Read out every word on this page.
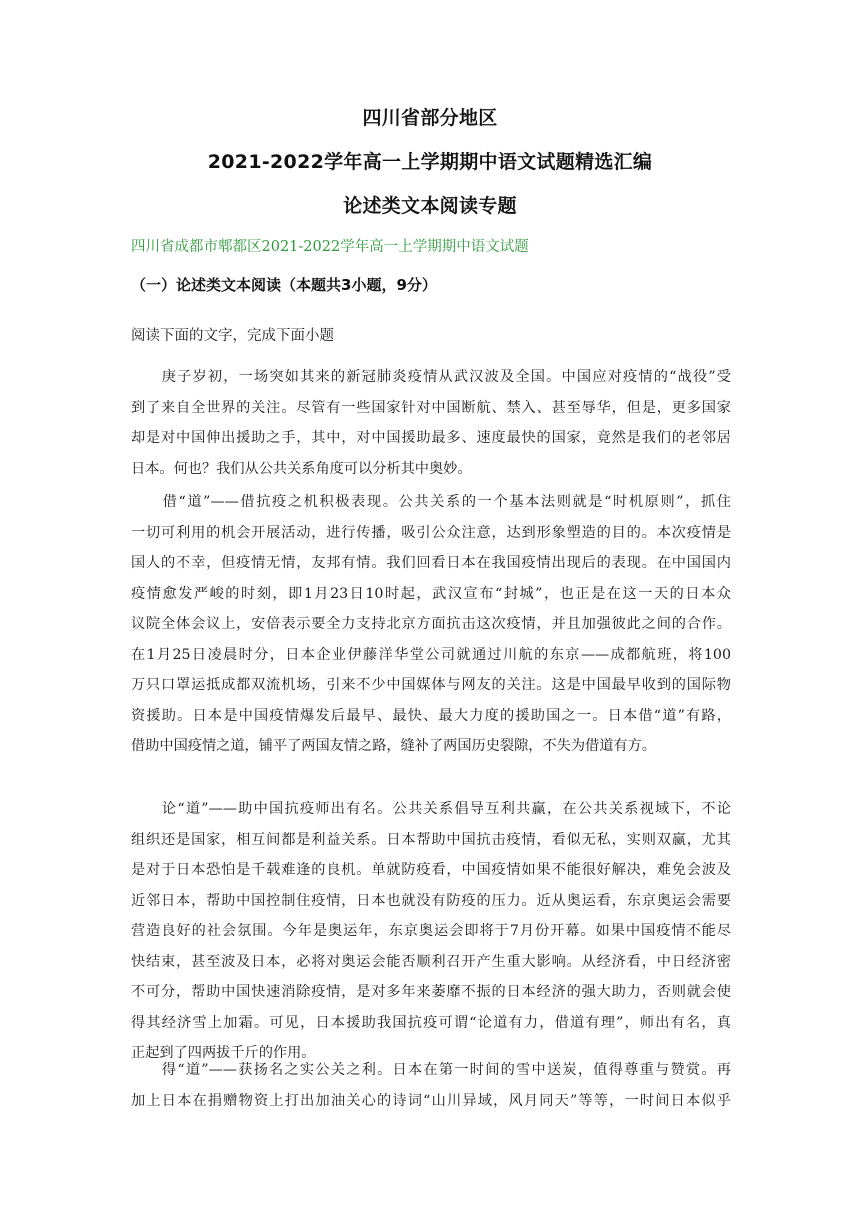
四川省部分地区
2021-2022学年高一上学期期中语文试题精选汇编
论述类文本阅读专题
四川省成都市郫都区2021-2022学年高一上学期期中语文试题
（一）论述类文本阅读（本题共3小题，9分）
阅读下面的文字，完成下面小题
　　庚子岁初，一场突如其来的新冠肺炎疫情从武汉波及全国。中国应对疫情的“战役”受
到了来自全世界的关注。尽管有一些国家针对中国断航、禁入、甚至辱华，但是，更多国家
却是对中国伸出援助之手，其中，对中国援助最多、速度最快的国家，竟然是我们的老邻居
日本。何也？我们从公共关系角度可以分析其中奥妙。
　　借“道”——借抗疫之机积极表现。公共关系的一个基本法则就是“时机原则”，抓住
一切可利用的机会开展活动，进行传播，吸引公众注意，达到形象塑造的目的。本次疫情是
国人的不幸，但疫情无情，友邦有情。我们回看日本在我国疫情出现后的表现。在中国国内
疫情愈发严峻的时刻，即1月23日10时起，武汉宣布“封城”，也正是在这一天的日本众
议院全体会议上，安倍表示要全力支持北京方面抗击这次疫情，并且加强彼此之间的合作。
在1月25日凌晨时分，日本企业伊藤洋华堂公司就通过川航的东京——成都航班，将100
万只口罩运抵成都双流机场，引来不少中国媒体与网友的关注。这是中国最早收到的国际物
资援助。日本是中国疫情爆发后最早、最快、最大力度的援助国之一。日本借“道”有路，
借助中国疫情之道，铺平了两国友情之路，缝补了两国历史裂隙，不失为借道有方。
　　论“道”——助中国抗疫师出有名。公共关系倡导互利共赢，在公共关系视域下，不论
组织还是国家，相互间都是利益关系。日本帮助中国抗击疫情，看似无私，实则双赢，尤其
是对于日本恐怕是千载难逢的良机。单就防疫看，中国疫情如果不能很好解决，难免会波及
近邻日本，帮助中国控制住疫情，日本也就没有防疫的压力。近从奥运看，东京奥运会需要
营造良好的社会氛围。今年是奥运年，东京奥运会即将于7月份开幕。如果中国疫情不能尽
快结束，甚至波及日本，必将对奥运会能否顺利召开产生重大影响。从经济看，中日经济密
不可分，帮助中国快速消除疫情，是对多年来萎靡不振的日本经济的强大助力，否则就会使
得其经济雪上加霜。可见，日本援助我国抗疫可谓“论道有力，借道有理”，师出有名，真
正起到了四两拔千斤的作用。
　　得“道”——获扬名之实公关之利。日本在第一时间的雪中送炭，值得尊重与赞赏。再
加上日本在捐赠物资上打出加油关心的诗词“山川异域，风月同天”等等，一时间日本似乎
